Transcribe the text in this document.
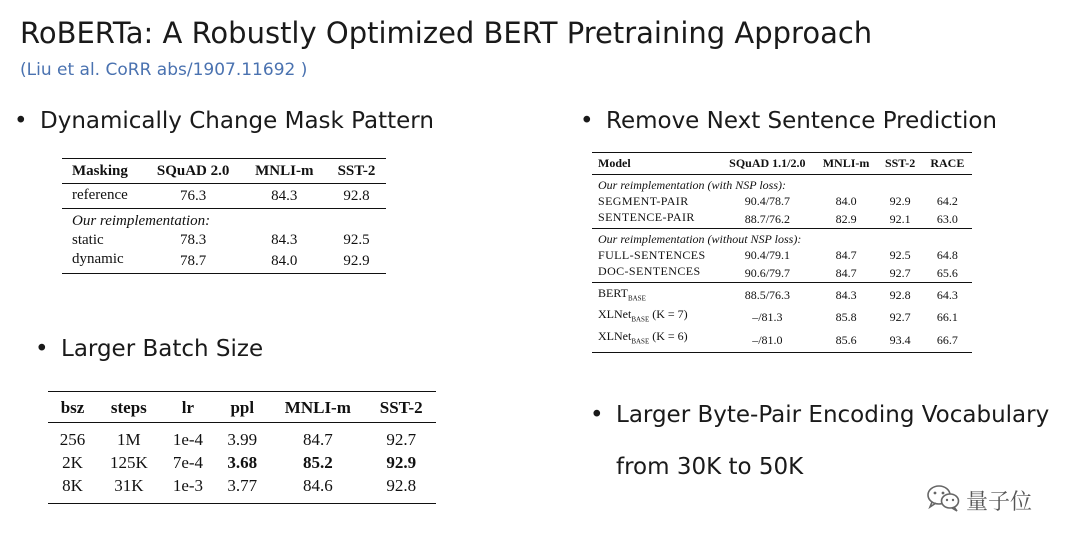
RoBERTa: A Robustly Optimized BERT Pretraining Approach
(Liu et al. CoRR abs/1907.11692 )
• Dynamically Change Mask Pattern	• Remove Next Sentence Prediction
• Larger Batch Size
• Larger Byte-Pair Encoding Vocabulary
from 30K to 50K
Masking	SQuAD 2.0	MNLI-m	SST-2
reference	76.3	84.3	92.8
Our reimplementation:			
static	78.3	84.3	92.5
dynamic	78.7	84.0	92.9
bsz	steps	lr	ppl	MNLI-m	SST-2
256	1M	1e-4	3.99	84.7	92.7
2K	125K	7e-4	3.68	85.2	92.9
8K	31K	1e-3	3.77	84.6	92.8
Model	SQuAD 1.1/2.0	MNLI-m	SST-2	RACE
Our reimplementation (with NSP loss):				
SEGMENT-PAIR	90.4/78.7	84.0	92.9	64.2
SENTENCE-PAIR	88.7/76.2	82.9	92.1	63.0
Our reimplementation (without NSP loss):				
FULL-SENTENCES	90.4/79.1	84.7	92.5	64.8
DOC-SENTENCES	90.6/79.7	84.7	92.7	65.6
$BERT_{BASE}$	88.5/76.3	84.3	92.8	64.3
XLNet$_{BASE}$ (K = 7)	–/81.3	85.8	92.7	66.1
XLNet$_{BASE}$ (K = 6)	–/81.0	85.6	93.4	66.7
量子位
